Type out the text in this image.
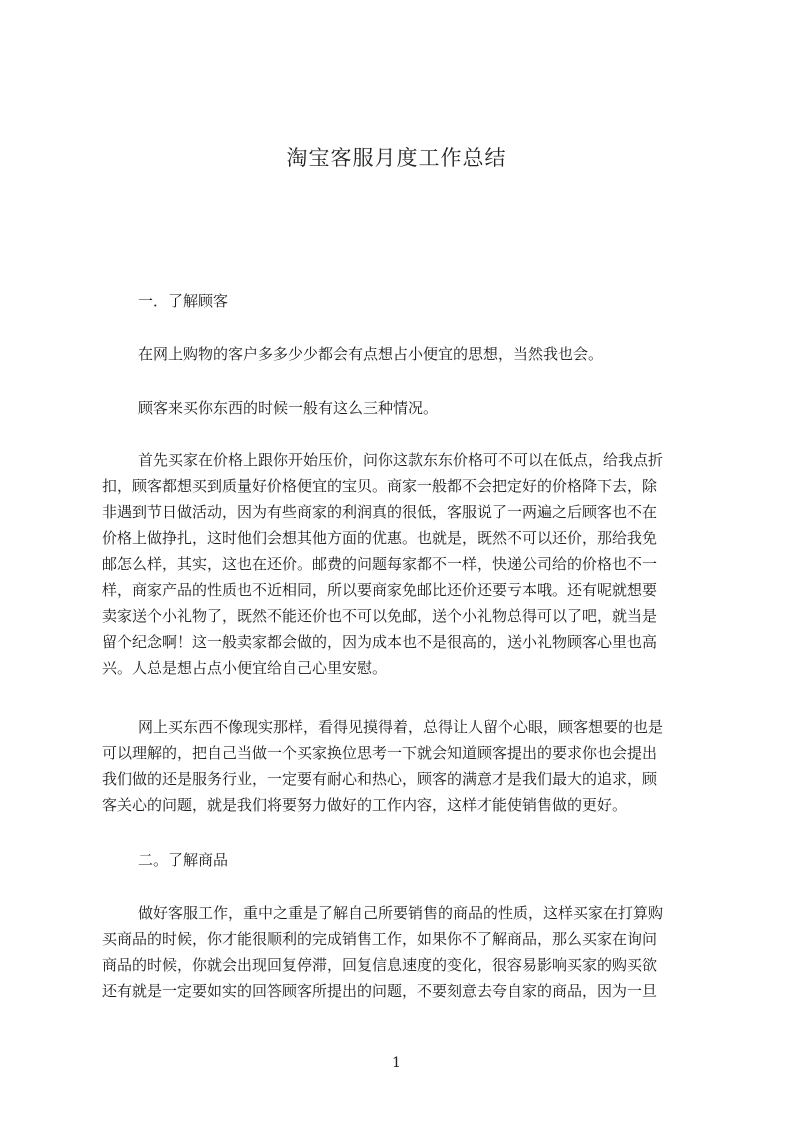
淘宝客服月度工作总结
一．了解顾客
在网上购物的客户多多少少都会有点想占小便宜的思想，当然我也会。
顾客来买你东西的时候一般有这么三种情况。
首先买家在价格上跟你开始压价，问你这款东东价格可不可以在低点，给我点折
扣，顾客都想买到质量好价格便宜的宝贝。商家一般都不会把定好的价格降下去，除
非遇到节日做活动，因为有些商家的利润真的很低，客服说了一两遍之后顾客也不在
价格上做挣扎，这时他们会想其他方面的优惠。也就是，既然不可以还价，那给我免
邮怎么样，其实，这也在还价。邮费的问题每家都不一样，快递公司给的价格也不一
样，商家产品的性质也不近相同，所以要商家免邮比还价还要亏本哦。还有呢就想要
卖家送个小礼物了，既然不能还价也不可以免邮，送个小礼物总得可以了吧，就当是
留个纪念啊！这一般卖家都会做的，因为成本也不是很高的，送小礼物顾客心里也高
兴。人总是想占点小便宜给自己心里安慰。
网上买东西不像现实那样，看得见摸得着，总得让人留个心眼，顾客想要的也是
可以理解的，把自己当做一个买家换位思考一下就会知道顾客提出的要求你也会提出
我们做的还是服务行业，一定要有耐心和热心，顾客的满意才是我们最大的追求，顾
客关心的问题，就是我们将要努力做好的工作内容，这样才能使销售做的更好。
二。了解商品
做好客服工作，重中之重是了解自己所要销售的商品的性质，这样买家在打算购
买商品的时候，你才能很顺利的完成销售工作，如果你不了解商品，那么买家在询问
商品的时候，你就会出现回复停滞，回复信息速度的变化，很容易影响买家的购买欲
还有就是一定要如实的回答顾客所提出的问题，不要刻意去夸自家的商品，因为一旦
1
